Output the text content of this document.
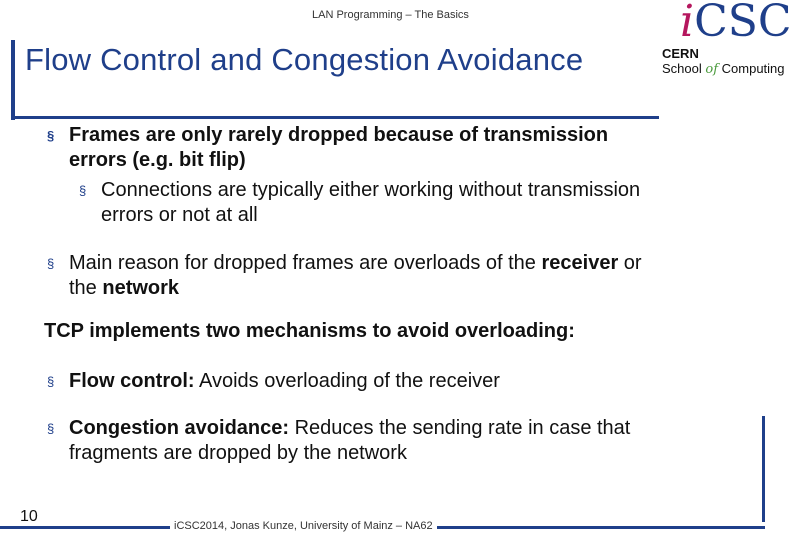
LAN Programming – The Basics
Flow Control and Congestion Avoidance
iCSC
CERN
School of Computing
§ Frames are only rarely dropped because of transmission
errors (e.g. bit flip)
§ Connections are typically either working without transmission
errors or not at all
§ Main reason for dropped frames are overloads of the receiver or
the network
TCP implements two mechanisms to avoid overloading:
§ Flow control: Avoids overloading of the receiver
§ Congestion avoidance: Reduces the sending rate in case that
fragments are dropped by the network
10
iCSC2014, Jonas Kunze, University of Mainz – NA62
